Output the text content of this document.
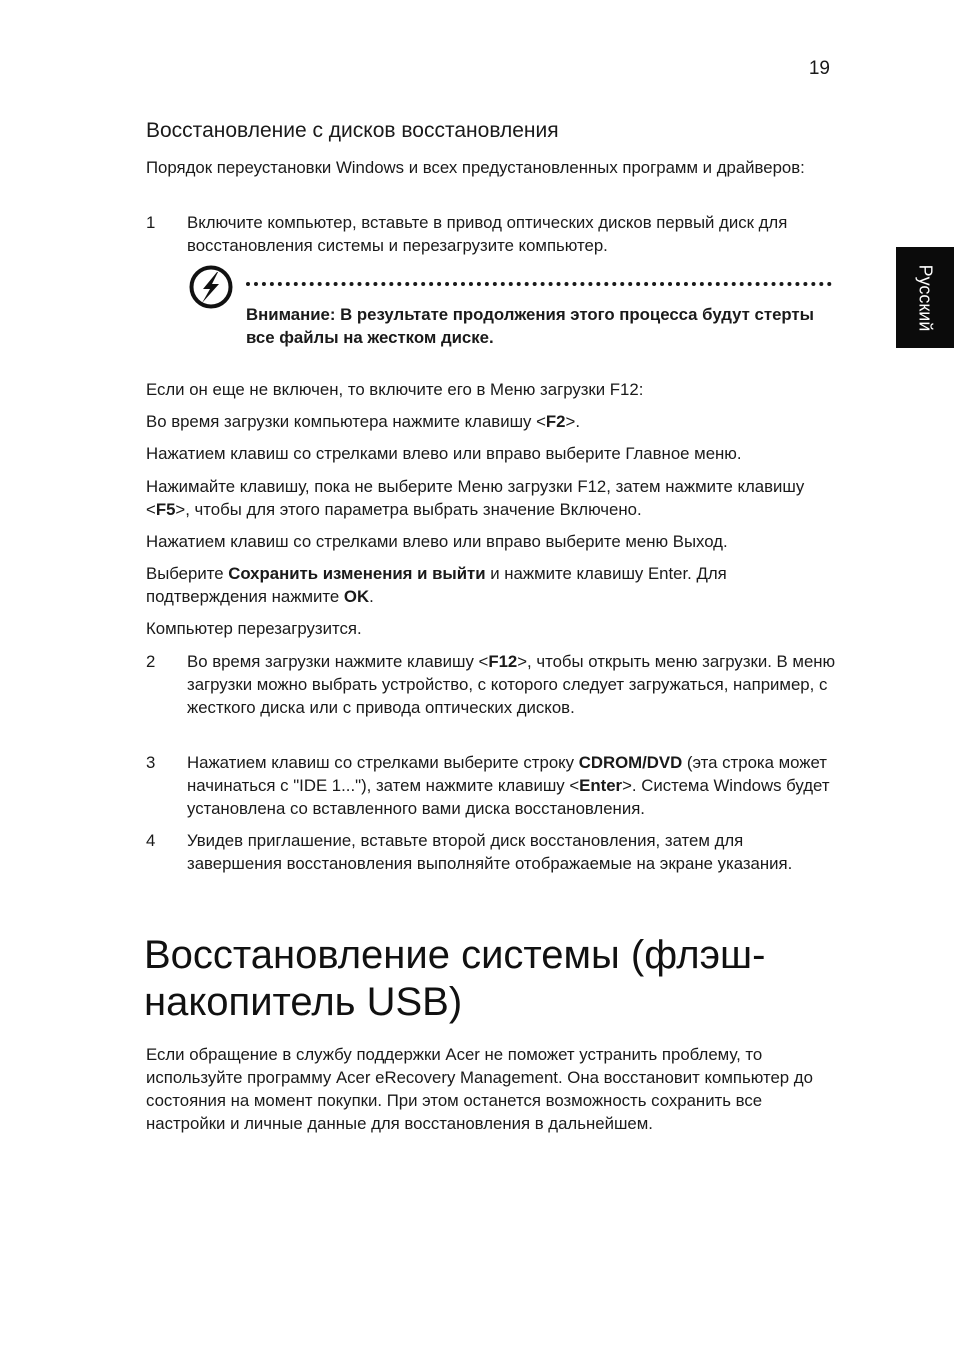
19
Русский
Восстановление с дисков восстановления
Порядок переустановки Windows и всех предустановленных программ и драйверов:
1 Включите компьютер, вставьте в привод оптических дисков первый диск для восстановления системы и перезагрузите компьютер.
Внимание: В результате продолжения этого процесса будут стерты все файлы на жестком диске.
Если он еще не включен, то включите его в Меню загрузки F12:
Во время загрузки компьютера нажмите клавишу <F2>.
Нажатием клавиш со стрелками влево или вправо выберите Главное меню.
Нажимайте клавишу, пока не выберите Меню загрузки F12, затем нажмите клавишу <F5>, чтобы для этого параметра выбрать значение Включено.
Нажатием клавиш со стрелками влево или вправо выберите меню Выход.
Выберите Сохранить изменения и выйти и нажмите клавишу Enter. Для подтверждения нажмите OK.
Компьютер перезагрузится.
2 Во время загрузки нажмите клавишу <F12>, чтобы открыть меню загрузки. В меню загрузки можно выбрать устройство, с которого следует загружаться, например, с жесткого диска или с привода оптических дисков.
3 Нажатием клавиш со стрелками выберите строку CDROM/DVD (эта строка может начинаться с "IDE 1..."), затем нажмите клавишу <Enter>. Система Windows будет установлена со вставленного вами диска восстановления.
4 Увидев приглашение, вставьте второй диск восстановления, затем для завершения восстановления выполняйте отображаемые на экране указания.
Восстановление системы (флэш-накопитель USB)
Если обращение в службу поддержки Acer не поможет устранить проблему, то используйте программу Acer eRecovery Management. Она восстановит компьютер до состояния на момент покупки. При этом останется возможность сохранить все настройки и личные данные для восстановления в дальнейшем.
